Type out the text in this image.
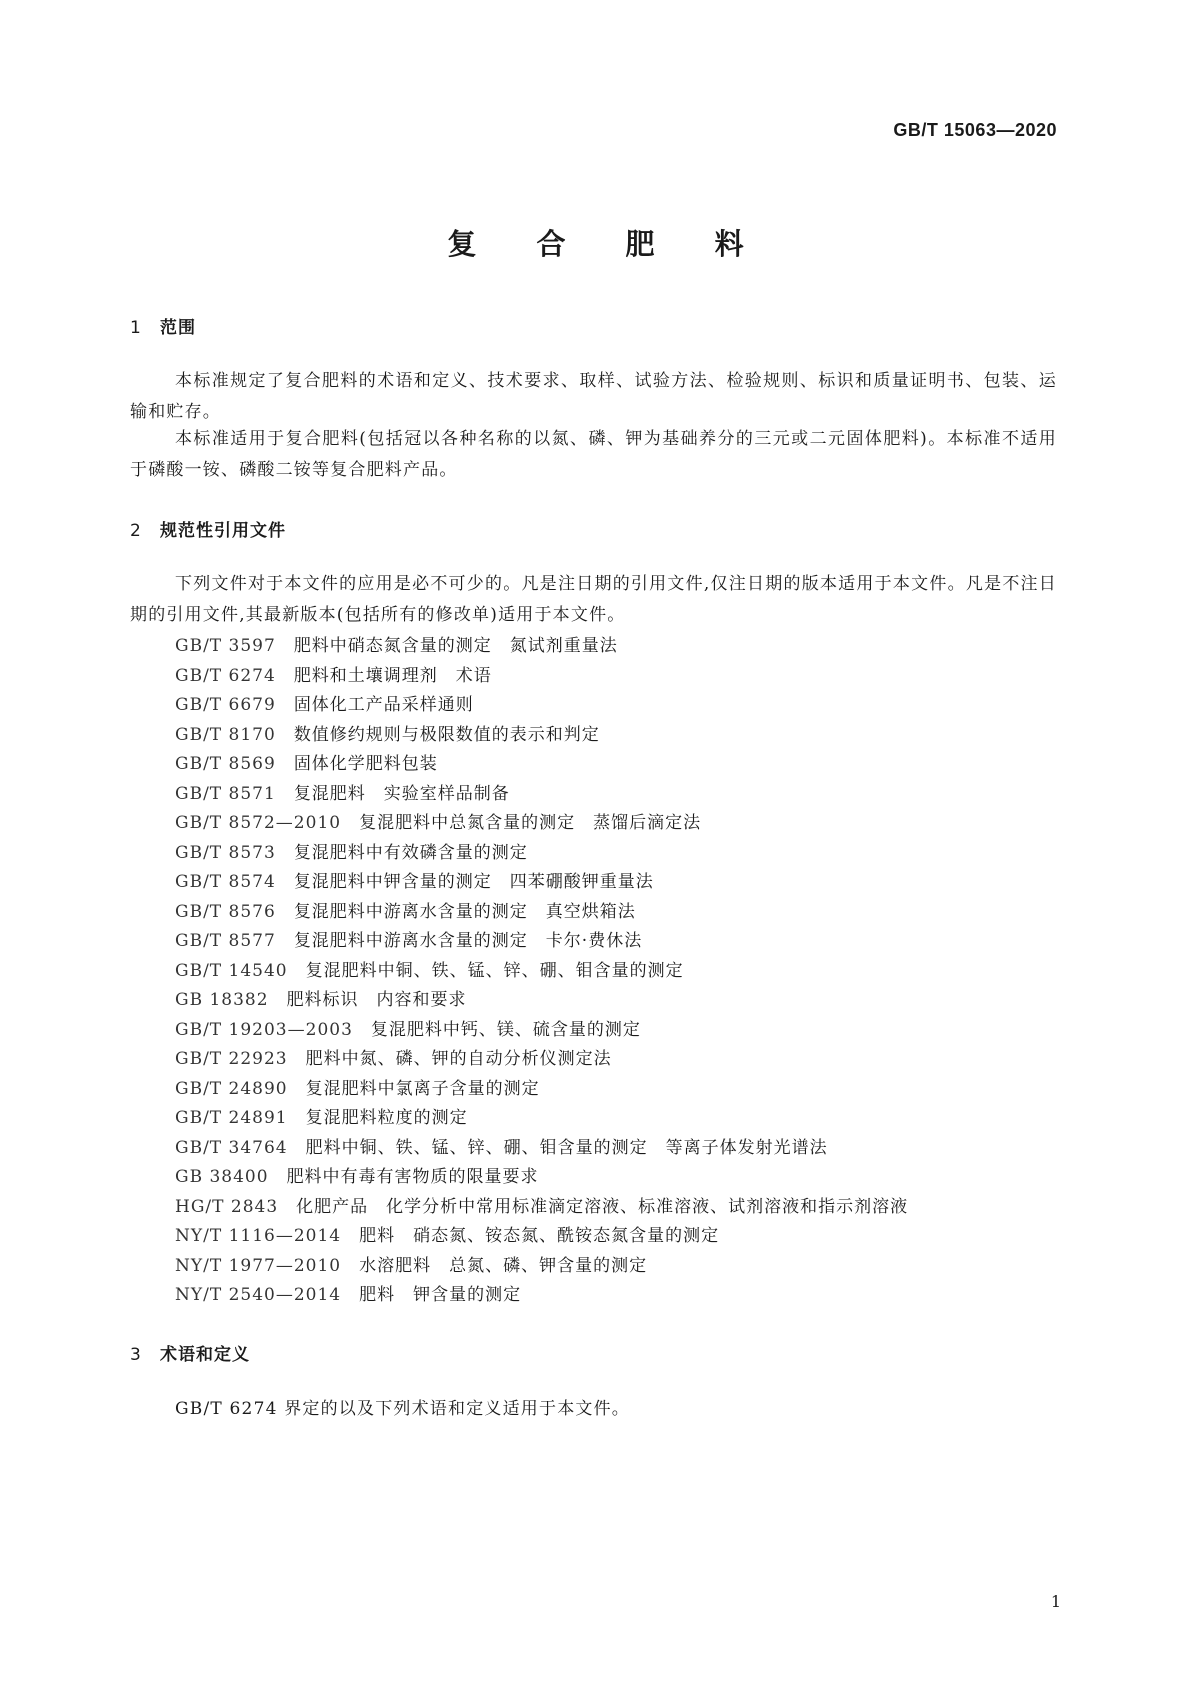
GB/T 15063—2020
复 合 肥 料
1 范围

本标准规定了复合肥料的术语和定义、技术要求、取样、试验方法、检验规则、标识和质量证明书、包装、运输和贮存。

本标准适用于复合肥料(包括冠以各种名称的以氮、磷、钾为基础养分的三元或二元固体肥料)。本标准不适用于磷酸一铵、磷酸二铵等复合肥料产品。

2 规范性引用文件

下列文件对于本文件的应用是必不可少的。凡是注日期的引用文件,仅注日期的版本适用于本文件。凡是不注日期的引用文件,其最新版本(包括所有的修改单)适用于本文件。

GB/T 3597 肥料中硝态氮含量的测定　氮试剂重量法
GB/T 6274 肥料和土壤调理剂　术语
GB/T 6679 固体化工产品采样通则
GB/T 8170 数值修约规则与极限数值的表示和判定
GB/T 8569 固体化学肥料包装
GB/T 8571 复混肥料　实验室样品制备
GB/T 8572—2010 复混肥料中总氮含量的测定　蒸馏后滴定法
GB/T 8573 复混肥料中有效磷含量的测定
GB/T 8574 复混肥料中钾含量的测定　四苯硼酸钾重量法
GB/T 8576 复混肥料中游离水含量的测定　真空烘箱法
GB/T 8577 复混肥料中游离水含量的测定　卡尔·费休法
GB/T 14540 复混肥料中铜、铁、锰、锌、硼、钼含量的测定
GB 18382 肥料标识　内容和要求
GB/T 19203—2003 复混肥料中钙、镁、硫含量的测定
GB/T 22923 肥料中氮、磷、钾的自动分析仪测定法
GB/T 24890 复混肥料中氯离子含量的测定
GB/T 24891 复混肥料粒度的测定
GB/T 34764 肥料中铜、铁、锰、锌、硼、钼含量的测定　等离子体发射光谱法
GB 38400 肥料中有毒有害物质的限量要求
HG/T 2843 化肥产品　化学分析中常用标准滴定溶液、标准溶液、试剂溶液和指示剂溶液
NY/T 1116—2014 肥料　硝态氮、铵态氮、酰铵态氮含量的测定
NY/T 1977—2010 水溶肥料　总氮、磷、钾含量的测定
NY/T 2540—2014 肥料　钾含量的测定
3 术语和定义

GB/T 6274 界定的以及下列术语和定义适用于本文件。

1
